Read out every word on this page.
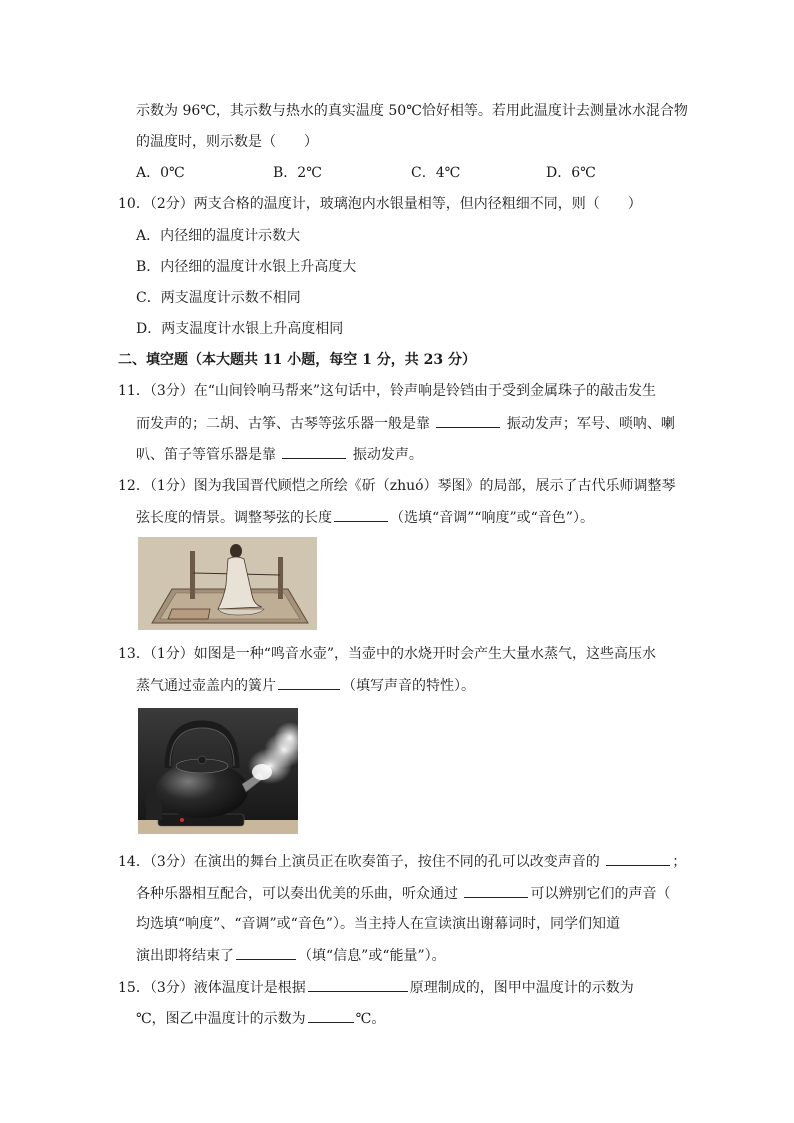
示数为 96℃，其示数与热水的真实温度 50℃恰好相等。若用此温度计去测量冰水混合物
的温度时，则示数是（　　）
A．0℃	B．2℃	C．4℃	D．6℃
10．（2分）两支合格的温度计，玻璃泡内水银量相等，但内径粗细不同，则（　　）
A．内径细的温度计示数大
B．内径细的温度计水银上升高度大
C．两支温度计示数不相同
D．两支温度计水银上升高度相同
二、填空题（本大题共 11 小题，每空 1 分，共 23 分）
11．（3分）在“山间铃响马帮来”这句话中，铃声响是铃铛由于受到金属珠子的敲击发生
而发声的；二胡、古筝、古琴等弦乐器一般是靠	振动发声；军号、唢呐、喇
叭、笛子等管乐器是靠	振动发声。
12．（1分）图为我国晋代顾恺之所绘《斫（zhuó）琴图》的局部，展示了古代乐师调整琴
弦长度的情景。调整琴弦的长度	（选填“音调”“响度”或“音色”）。
13．（1分）如图是一种“鸣音水壶”，当壶中的水烧开时会产生大量水蒸气，这些高压水
蒸气通过壶盖内的簧片	（填写声音的特性）。
14．（3分）在演出的舞台上演员正在吹奏笛子，按住不同的孔可以改变声音的	；
各种乐器相互配合，可以奏出优美的乐曲，听众通过	可以辨别它们的声音（
均选填“响度”、“音调”或“音色”）。当主持人在宣读演出谢幕词时，同学们知道
演出即将结束了	（填“信息”或“能量”）。
15．（3分）液体温度计是根据	原理制成的，图甲中温度计的示数为
℃，图乙中温度计的示数为	℃。
